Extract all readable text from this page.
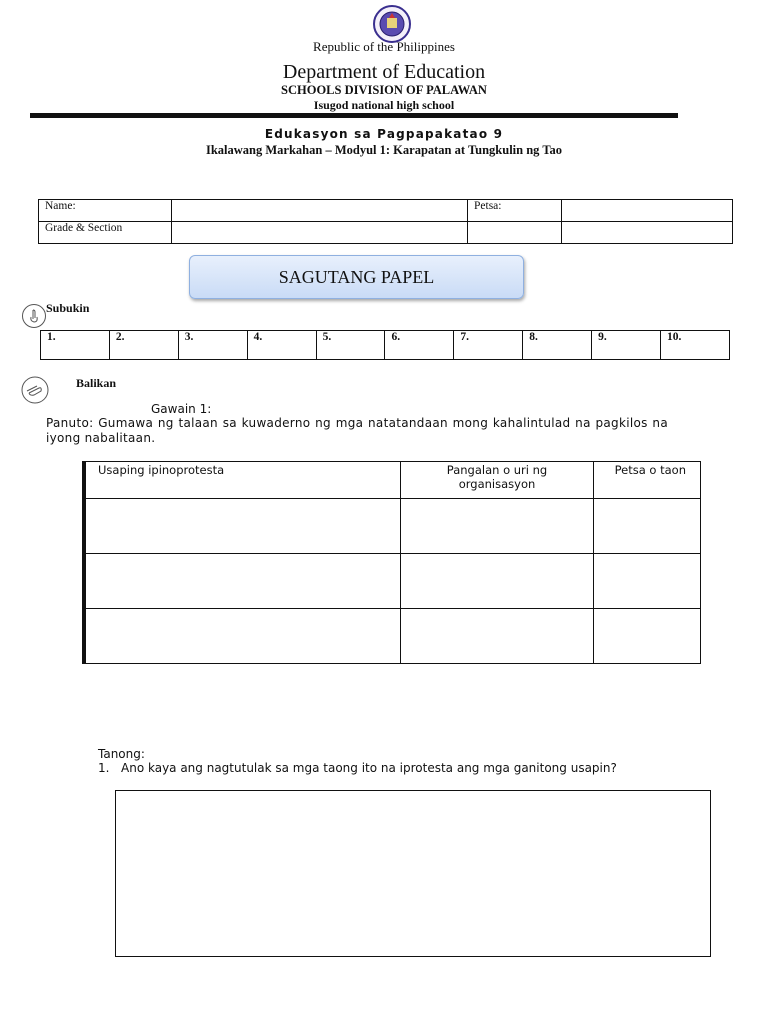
Republic of the Philippines
Department of Education
SCHOOLS DIVISION OF PALAWAN
Isugod national high school
Edukasyon sa Pagpapakatao 9
Ikalawang Markahan – Modyul 1: Karapatan at Tungkulin ng Tao
Name:		Petsa:	
Grade & Section			
SAGUTANG PAPEL
Subukin
1.	2.	3.	4.	5.	6.	7.	8.	9.	10.
Balikan
Gawain 1:
Panuto: Gumawa ng talaan sa kuwaderno ng mga natatandaan mong kahalintulad na pagkilos na iyong nabalitaan.
Usaping ipinoprotesta	Pangalan o uri ng organisasyon	Petsa o taon

Tanong:
1. Ano kaya ang nagtutulak sa mga taong ito na iprotesta ang mga ganitong usapin?
